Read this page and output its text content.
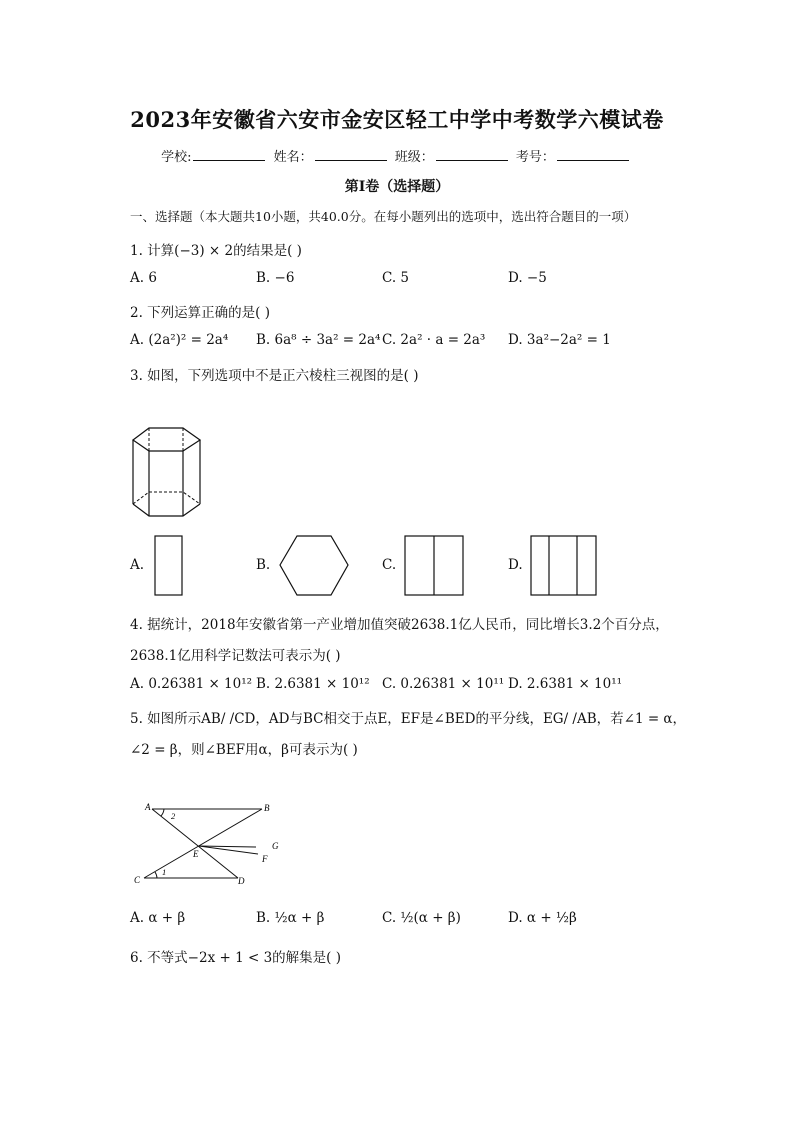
2023年安徽省六安市金安区轻工中学中考数学六模试卷
学校:	姓名：	班级：	考号：
第Ⅰ卷（选择题）
一、选择题（本大题共10小题，共40.0分。在每小题列出的选项中，选出符合题目的一项）
1. 计算(−3) × 2的结果是( )
A. 6	B. −6	C. 5	D. −5
2. 下列运算正确的是( )
A. (2a²)² = 2a⁴ B. 6a⁸ ÷ 3a² = 2a⁴ C. 2a² · a = 2a³ D. 3a²−2a² = 1
3. 如图，下列选项中不是正六棱柱三视图的是( )
A.	B.	C.	D.
4. 据统计，2018年安徽省第一产业增加值突破2638.1亿人民币，同比增长3.2个百分点，
2638.1亿用科学记数法可表示为( )
A. 0.26381 × 10¹² B. 2.6381 × 10¹² C. 0.26381 × 10¹¹ D. 2.6381 × 10¹¹
5. 如图所示AB/ /CD，AD与BC相交于点E，EF是∠BED的平分线，EG/ /AB，若∠1 = α，
∠2 = β，则∠BEF用α，β可表示为( )
A	B
C	D
E	F
G
2
1
A. α + β	B. ½α + β	C. ½(α + β)	D. α + ½β
6. 不等式−2x + 1 < 3的解集是( )
